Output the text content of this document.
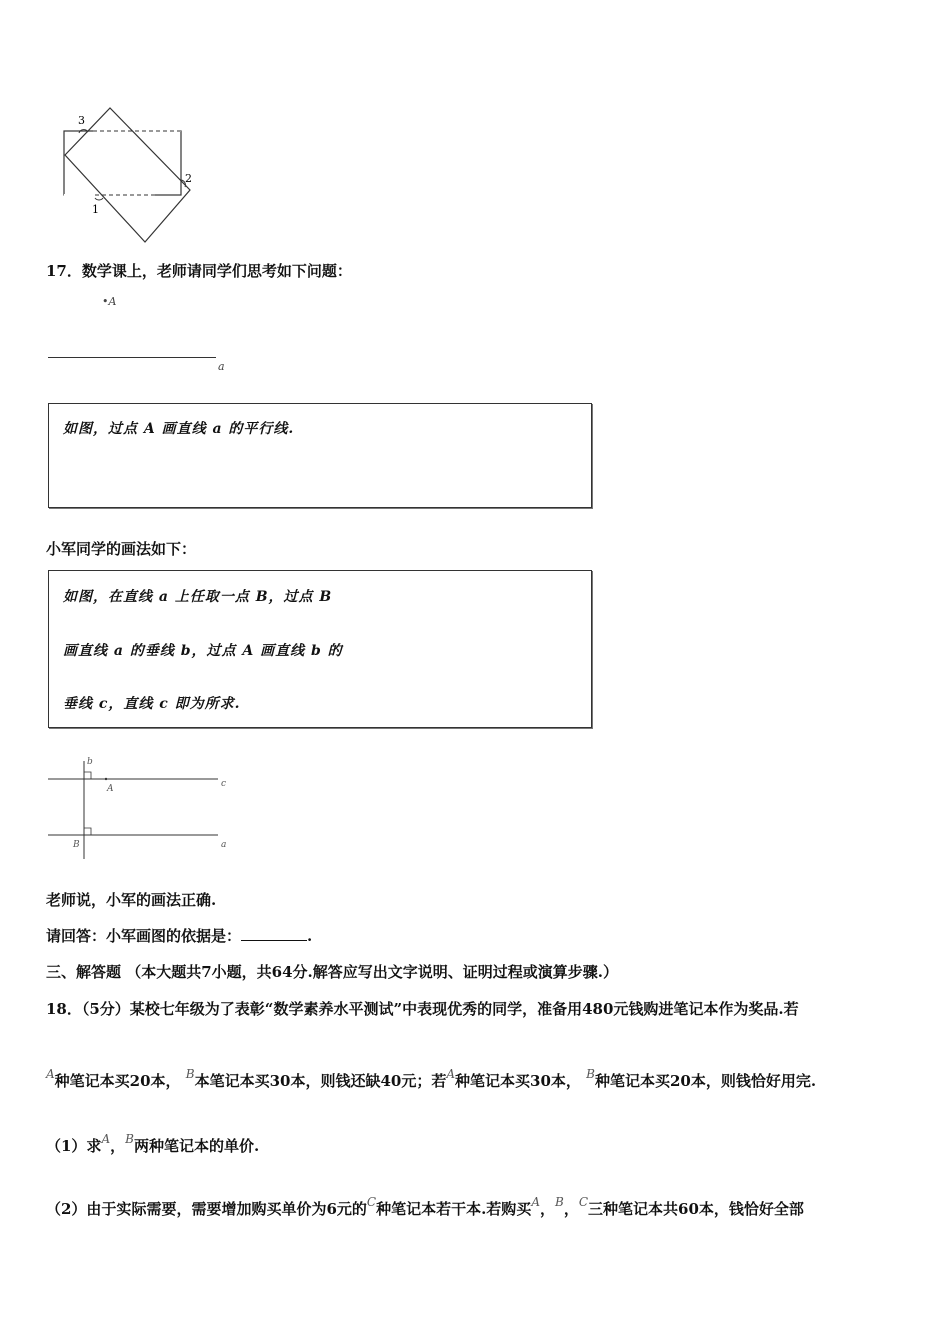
3
2
1
17．数学课上，老师请同学们思考如下问题：
•A
a
如图，过点 A 画直线 a 的平行线.
小军同学的画法如下：
如图，在直线 a 上任取一点 B，过点 B
画直线 a 的垂线 b，过点 A 画直线 b 的
垂线 c，直线 c 即为所求.
b
c
A
B	a
老师说，小军的画法正确.
请回答：小军画图的依据是：	.
三、解答题 （本大题共7小题，共64分.解答应写出文字说明、证明过程或演算步骤.）
18．（5分）某校七年级为了表彰“数学素养水平测试”中表现优秀的同学，准备用480元钱购进笔记本作为奖品.若
$^A$种笔记本买20本， $^B$本笔记本买30本，则钱还缺40元；若$^A$种笔记本买30本， $^B$种笔记本买20本，则钱恰好用完.
（1）求$^A$，$^B$两种笔记本的单价.
（2）由于实际需要，需要增加购买单价为6元的$^C$种笔记本若干本.若购买$^A$，$^B$，$^C$三种笔记本共60本，钱恰好全部
